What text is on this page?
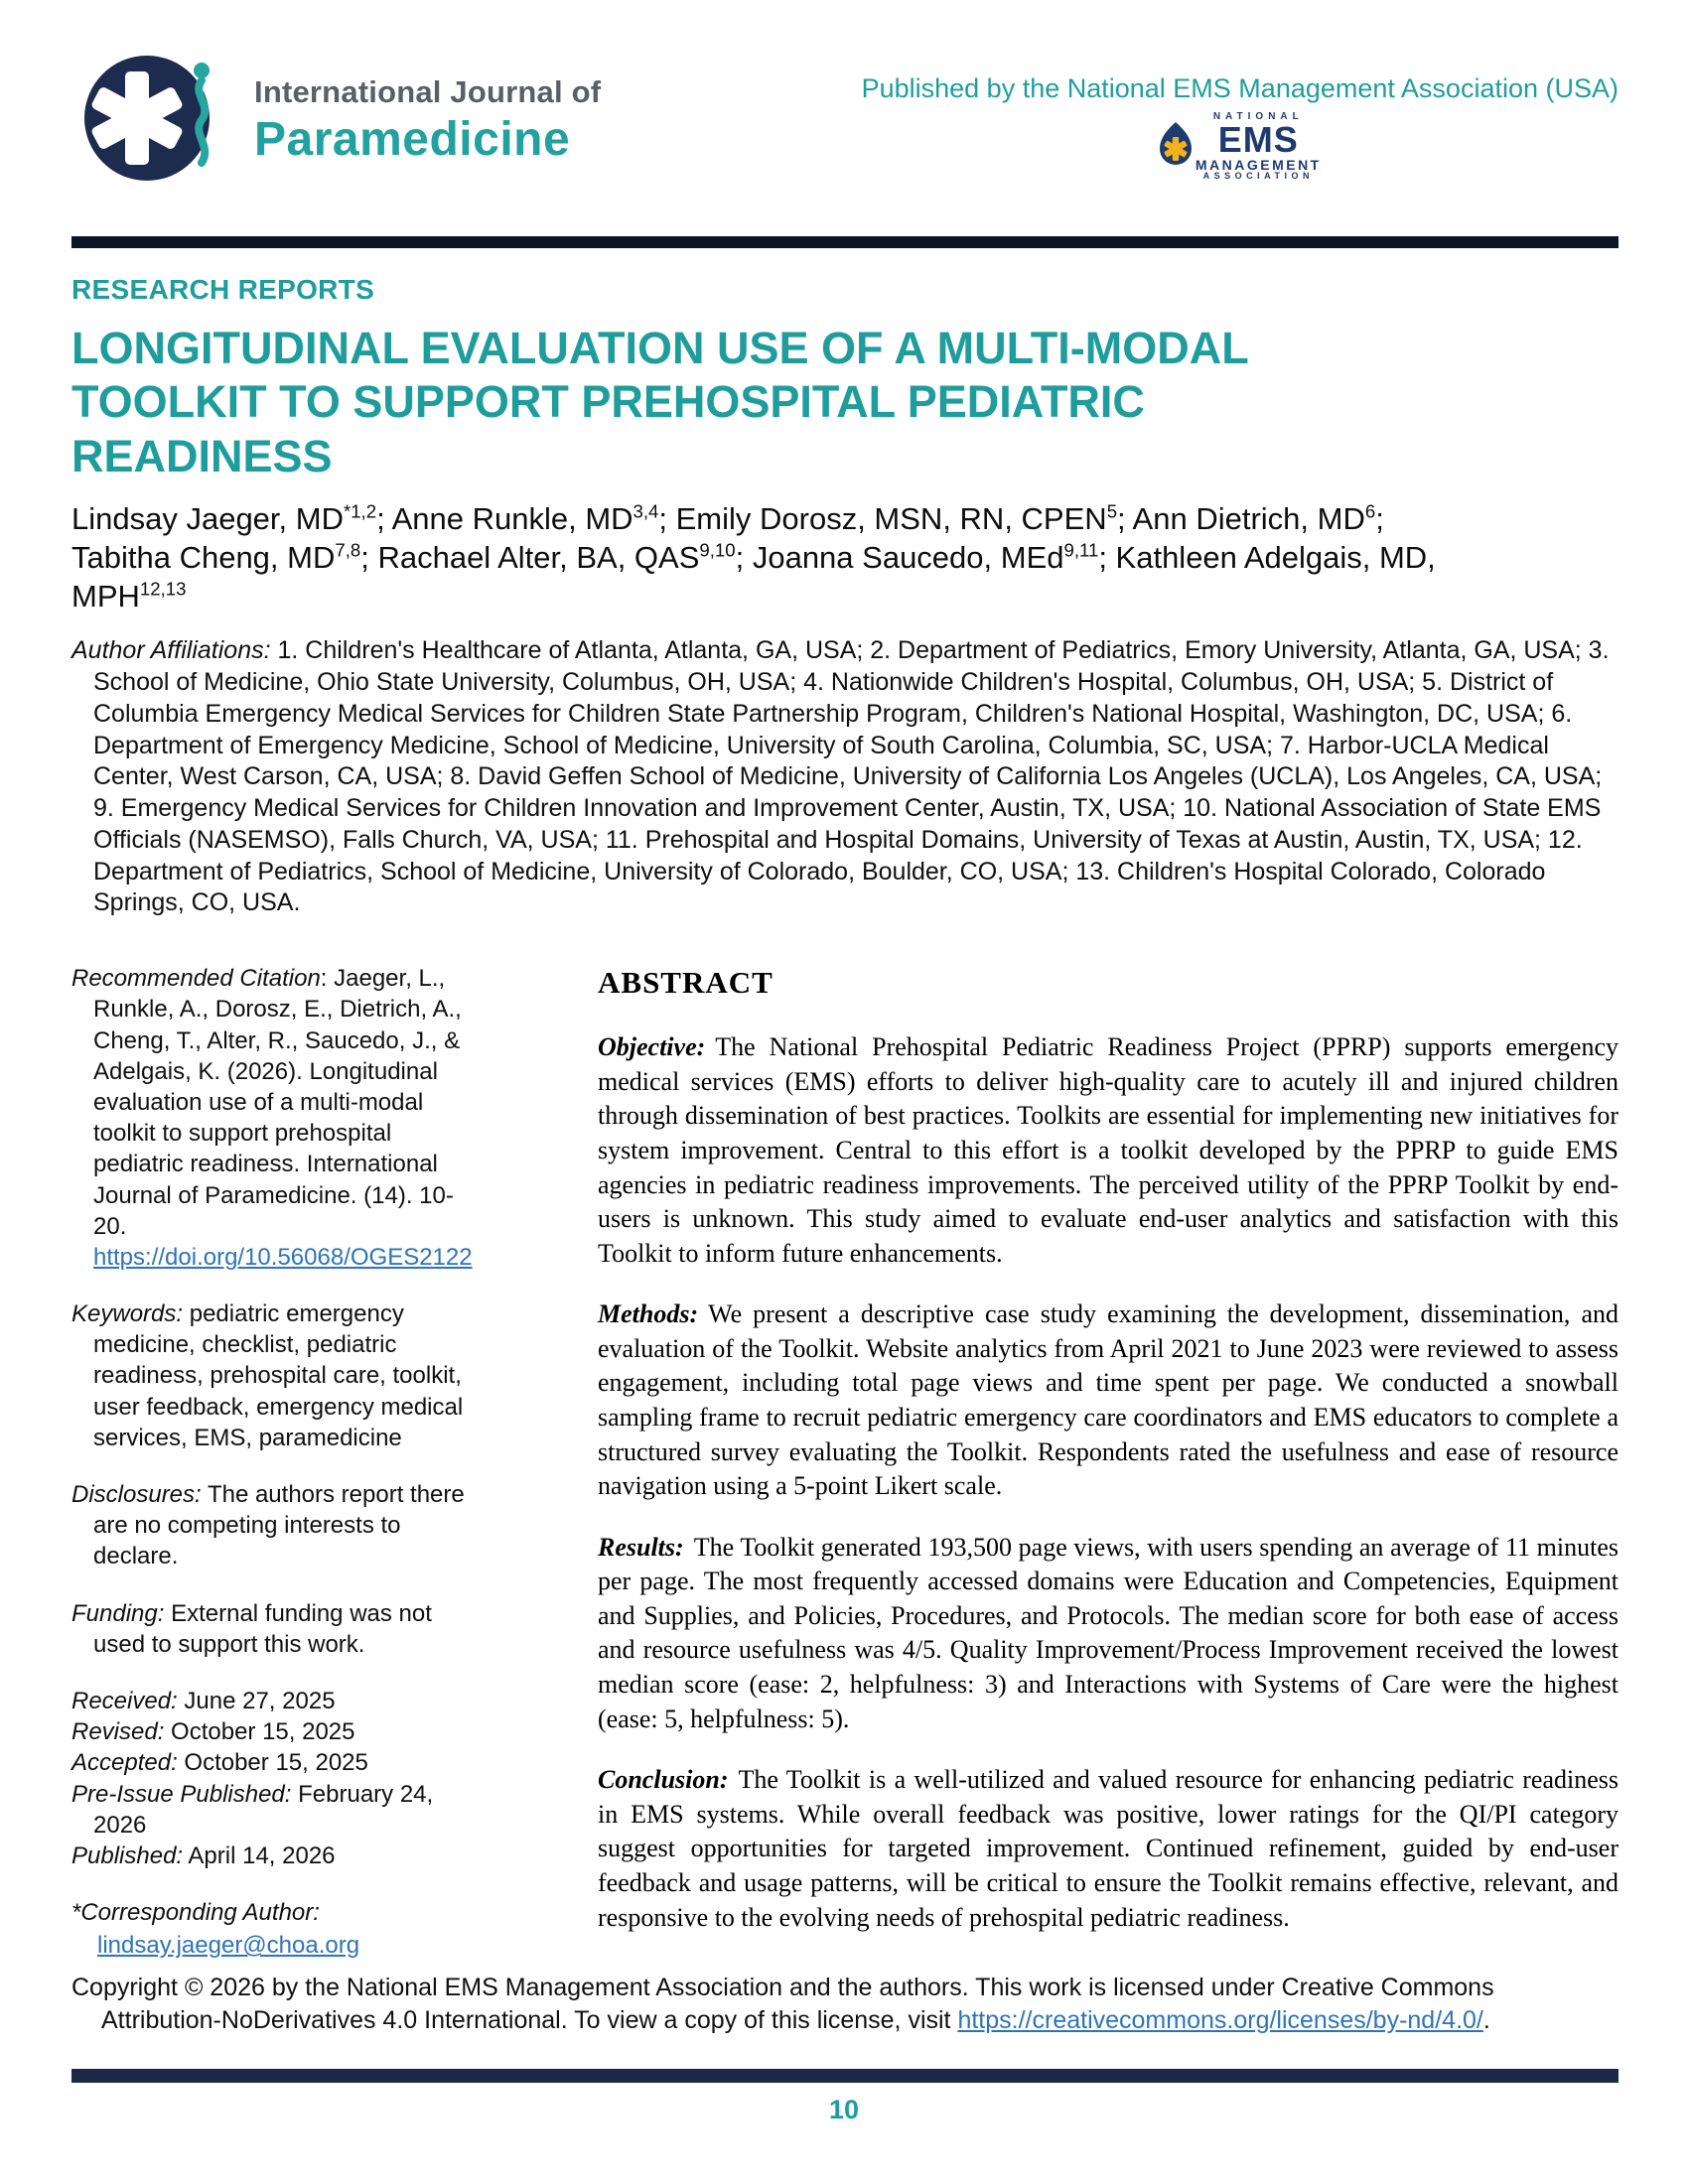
International Journal of
Paramedicine
Published by the National EMS Management Association (USA)
NATIONAL
EMS
MANAGEMENT
ASSOCIATION
RESEARCH REPORTS
LONGITUDINAL EVALUATION USE OF A MULTI-MODAL
TOOLKIT TO SUPPORT PREHOSPITAL PEDIATRIC
READINESS
Lindsay Jaeger, MD$^{*1,2}$; Anne Runkle, MD$^{3,4}$; Emily Dorosz, MSN, RN, CPEN$^5$; Ann Dietrich, $MD^6$;
Tabitha Cheng, MD$^{7,8}$; Rachael Alter, BA, QAS$^{9,10}$; Joanna Saucedo, MEd$^{9,11}$; Kathleen Adelgais, MD,
MPH$^{12,13}$

Author Affiliations: 1. Children's Healthcare of Atlanta, Atlanta, GA, USA; 2. Department of Pediatrics, Emory University, Atlanta, GA, USA; 3. School of Medicine, Ohio State University, Columbus, OH, USA; 4. Nationwide Children's Hospital, Columbus, OH, USA; 5. District of Columbia Emergency Medical Services for Children State Partnership Program, Children's National Hospital, Washington, DC, USA; 6. Department of Emergency Medicine, School of Medicine, University of South Carolina, Columbia, SC, USA; 7. Harbor-UCLA Medical Center, West Carson, CA, USA; 8. David Geffen School of Medicine, University of California Los Angeles (UCLA), Los Angeles, CA, USA; 9. Emergency Medical Services for Children Innovation and Improvement Center, Austin, TX, USA; 10. National Association of State EMS Officials (NASEMSO), Falls Church, VA, USA; 11. Prehospital and Hospital Domains, University of Texas at Austin, Austin, TX, USA; 12. Department of Pediatrics, School of Medicine, University of Colorado, Boulder, CO, USA; 13. Children's Hospital Colorado, Colorado Springs, CO, USA.

Recommended Citation: Jaeger, L., Runkle, A., Dorosz, E., Dietrich, A., Cheng, T., Alter, R., Saucedo, J., & Adelgais, K. (2026). Longitudinal evaluation use of a multi-modal toolkit to support prehospital pediatric readiness. International Journal of Paramedicine. (14). 10-20. https://doi.org/10.56068/OGES2122

Keywords: pediatric emergency medicine, checklist, pediatric readiness, prehospital care, toolkit, user feedback, emergency medical services, EMS, paramedicine

Disclosures: The authors report there are no competing interests to declare.

Funding: External funding was not used to support this work.

Received: June 27, 2025
Revised: October 15, 2025
Accepted: October 15, 2025
Pre-Issue Published: February 24, 2026
Published: April 14, 2026
*Corresponding Author:
lindsay.jaeger@choa.org
ABSTRACT

Objective: The National Prehospital Pediatric Readiness Project (PPRP) supports emergency medical services (EMS) efforts to deliver high-quality care to acutely ill and injured children through dissemination of best practices. Toolkits are essential for implementing new initiatives for system improvement. Central to this effort is a toolkit developed by the PPRP to guide EMS agencies in pediatric readiness improvements. The perceived utility of the PPRP Toolkit by end-users is unknown. This study aimed to evaluate end-user analytics and satisfaction with this Toolkit to inform future enhancements.

Methods: We present a descriptive case study examining the development, dissemination, and evaluation of the Toolkit. Website analytics from April 2021 to June 2023 were reviewed to assess engagement, including total page views and time spent per page. We conducted a snowball sampling frame to recruit pediatric emergency care coordinators and EMS educators to complete a structured survey evaluating the Toolkit. Respondents rated the usefulness and ease of resource navigation using a 5-point Likert scale.

Results: The Toolkit generated 193,500 page views, with users spending an average of 11 minutes per page. The most frequently accessed domains were Education and Competencies, Equipment and Supplies, and Policies, Procedures, and Protocols. The median score for both ease of access and resource usefulness was 4/5. Quality Improvement/Process Improvement received the lowest median score (ease: 2, helpfulness: 3) and Interactions with Systems of Care were the highest (ease: 5, helpfulness: 5).

Conclusion: The Toolkit is a well-utilized and valued resource for enhancing pediatric readiness in EMS systems. While overall feedback was positive, lower ratings for the QI/PI category suggest opportunities for targeted improvement. Continued refinement, guided by end-user feedback and usage patterns, will be critical to ensure the Toolkit remains effective, relevant, and responsive to the evolving needs of prehospital pediatric readiness.

Copyright © 2026 by the National EMS Management Association and the authors. This work is licensed under Creative Commons Attribution-NoDerivatives 4.0 International. To view a copy of this license, visit https://creativecommons.org/licenses/by-nd/4.0/.
10
